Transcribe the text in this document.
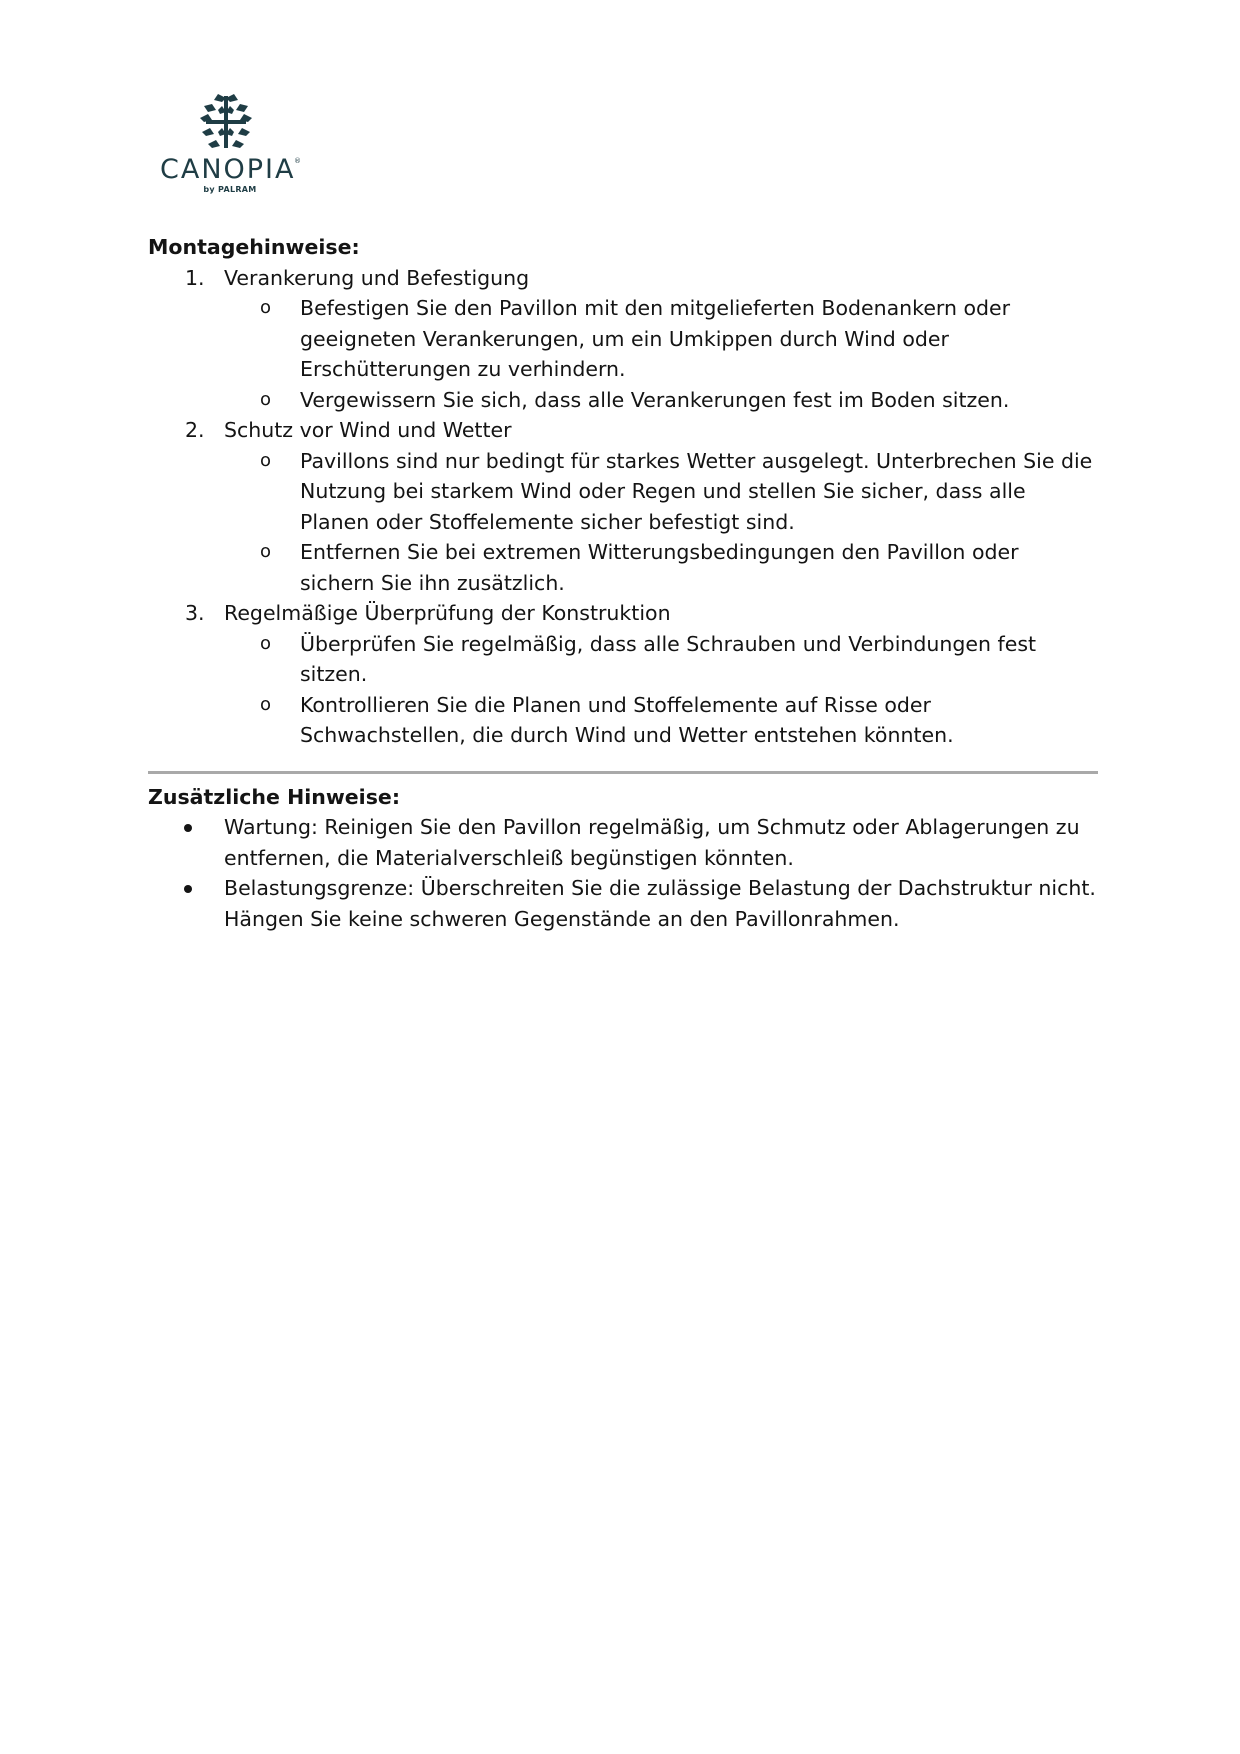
CANOPIA
®
by PALRAM
Montagehinweise:
1. Verankerung und Befestigung
o Befestigen Sie den Pavillon mit den mitgelieferten Bodenankern oder geeigneten Verankerungen, um ein Umkippen durch Wind oder Erschütterungen zu verhindern.
o Vergewissern Sie sich, dass alle Verankerungen fest im Boden sitzen.
2. Schutz vor Wind und Wetter
o Pavillons sind nur bedingt für starkes Wetter ausgelegt. Unterbrechen Sie die Nutzung bei starkem Wind oder Regen und stellen Sie sicher, dass alle Planen oder Stoffelemente sicher befestigt sind.
o Entfernen Sie bei extremen Witterungsbedingungen den Pavillon oder sichern Sie ihn zusätzlich.
3. Regelmäßige Überprüfung der Konstruktion
o Überprüfen Sie regelmäßig, dass alle Schrauben und Verbindungen fest sitzen.
o Kontrollieren Sie die Planen und Stoffelemente auf Risse oder Schwachstellen, die durch Wind und Wetter entstehen könnten.
Zusätzliche Hinweise:
Wartung: Reinigen Sie den Pavillon regelmäßig, um Schmutz oder Ablagerungen zu entfernen, die Materialverschleiß begünstigen könnten.
Belastungsgrenze: Überschreiten Sie die zulässige Belastung der Dachstruktur nicht. Hängen Sie keine schweren Gegenstände an den Pavillonrahmen.
